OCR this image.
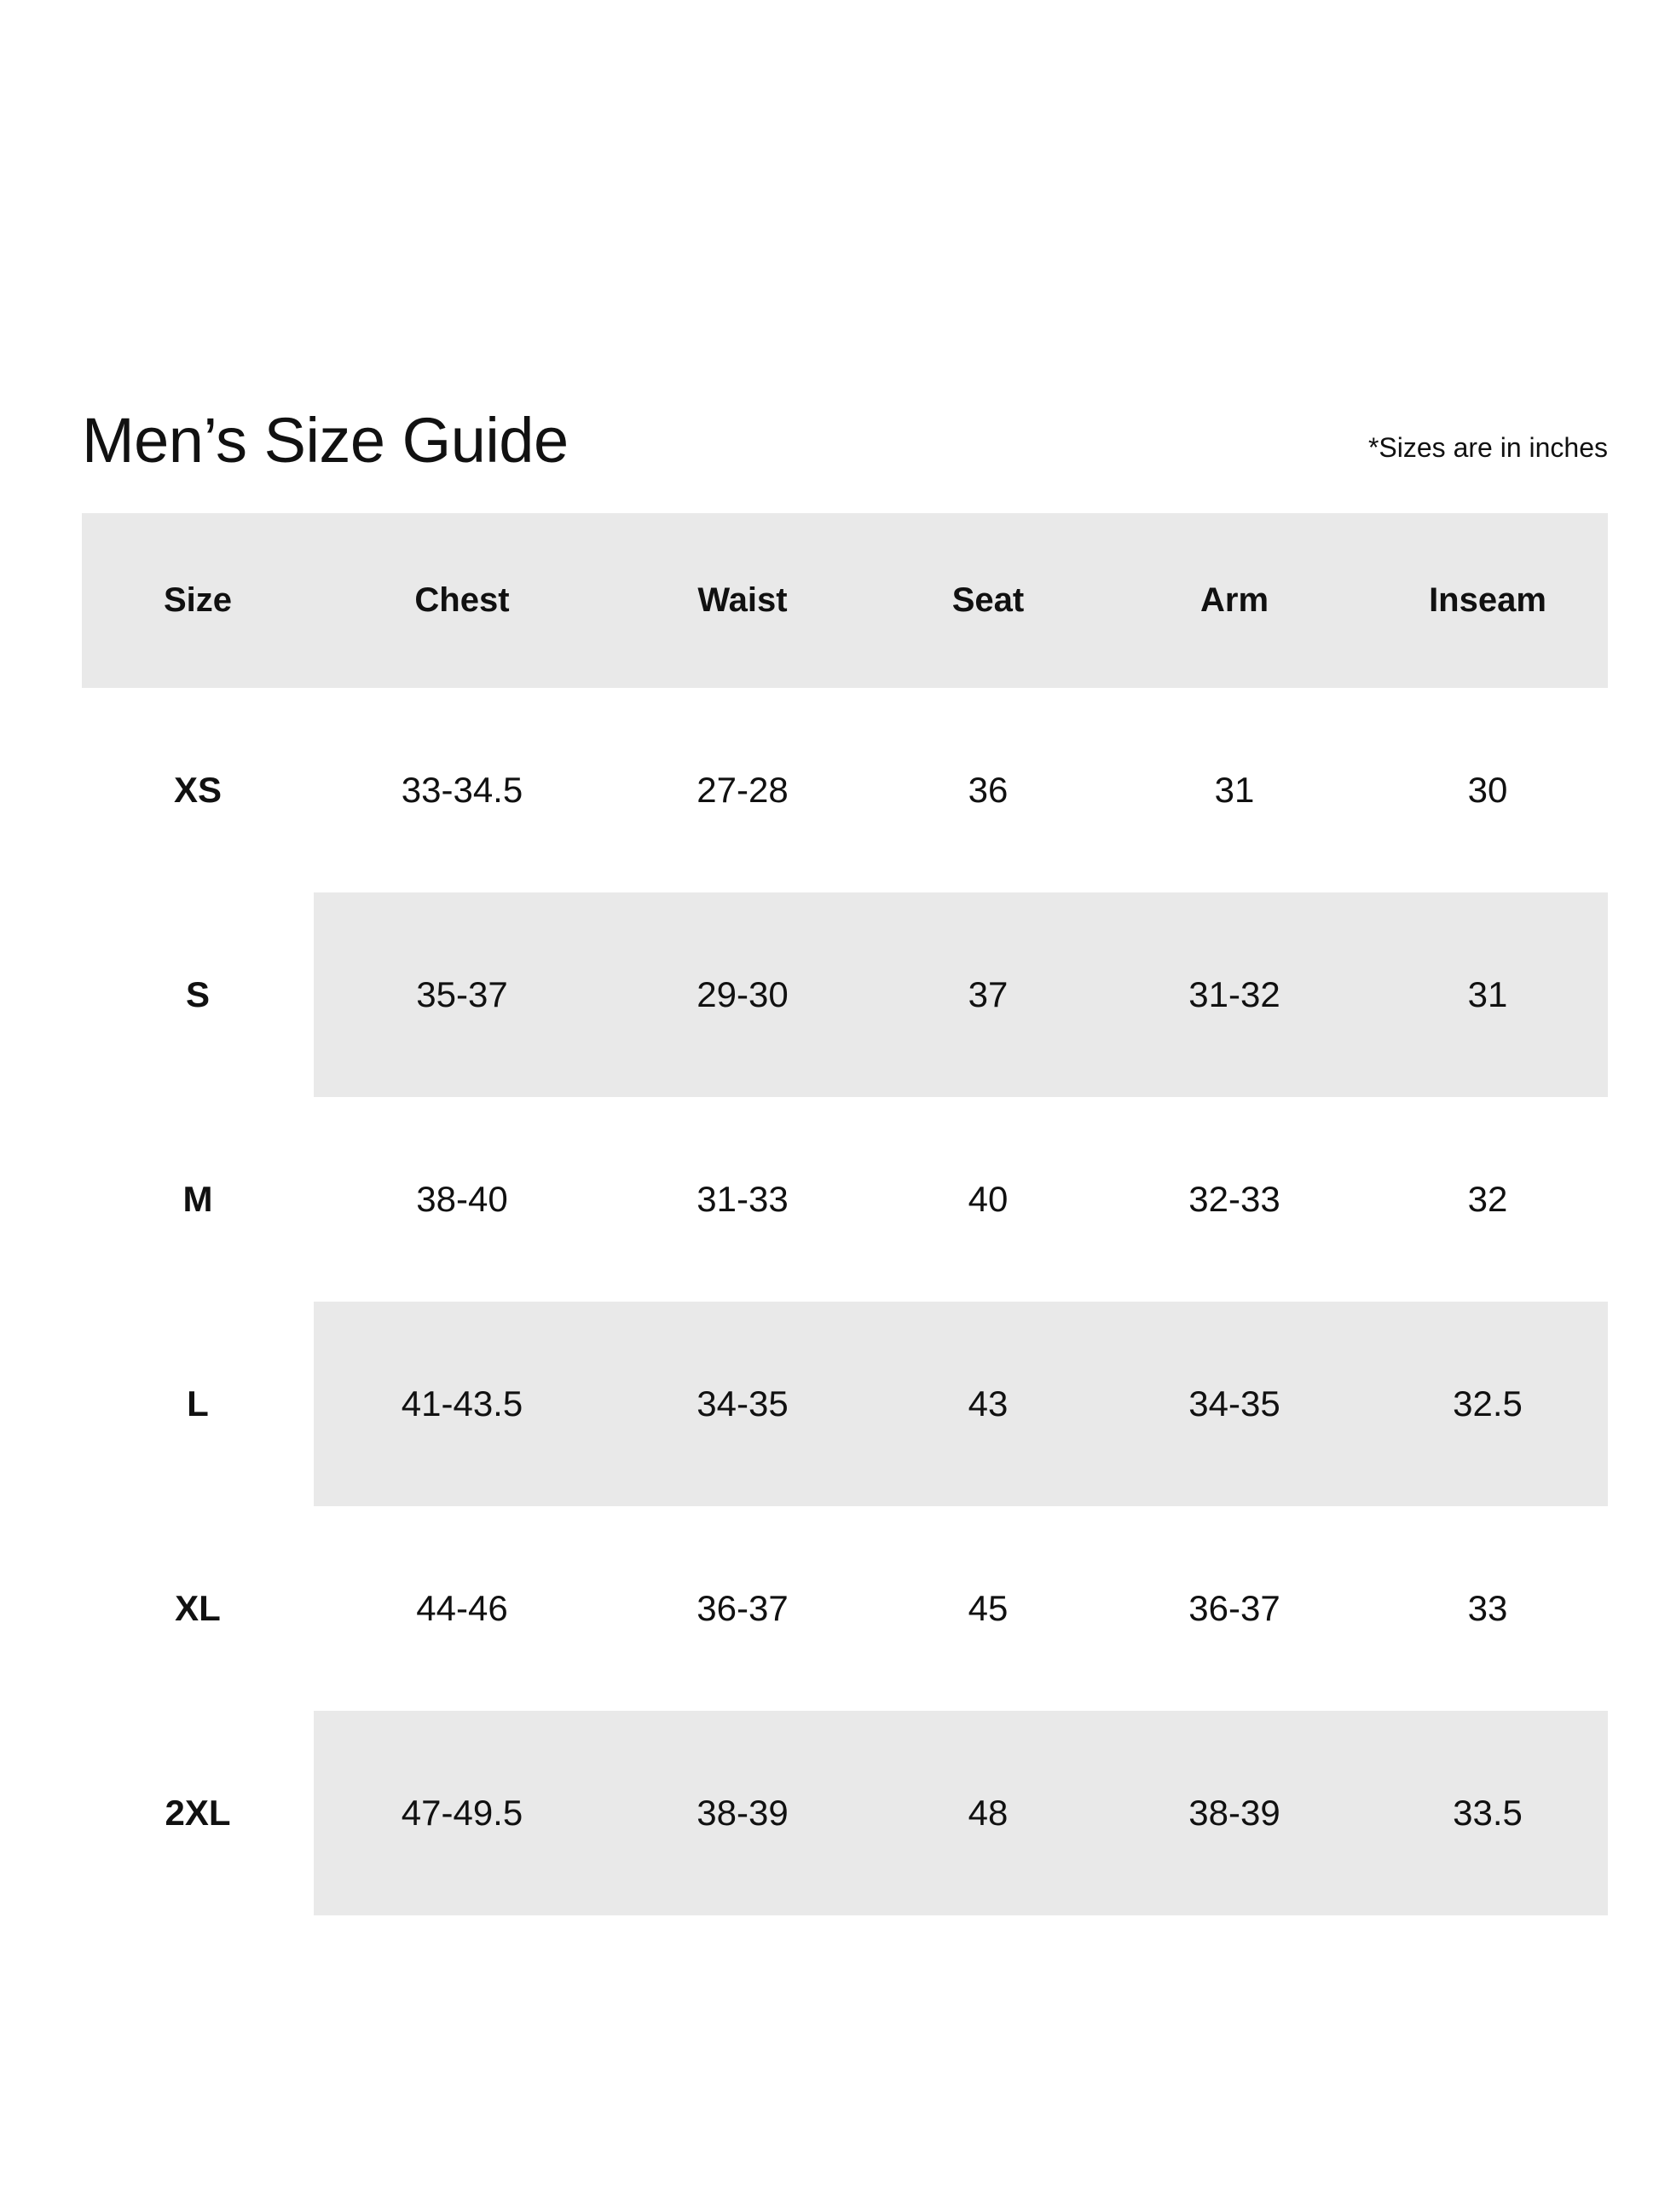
Men’s Size Guide	*Sizes are in inches
Size	Chest	Waist	Seat	Arm	Inseam
XS	33-34.5	27-28	36	31	30
S	35-37	29-30	37	31-32	31
M	38-40	31-33	40	32-33	32
L	41-43.5	34-35	43	34-35	32.5
XL	44-46	36-37	45	36-37	33
2XL	47-49.5	38-39	48	38-39	33.5
